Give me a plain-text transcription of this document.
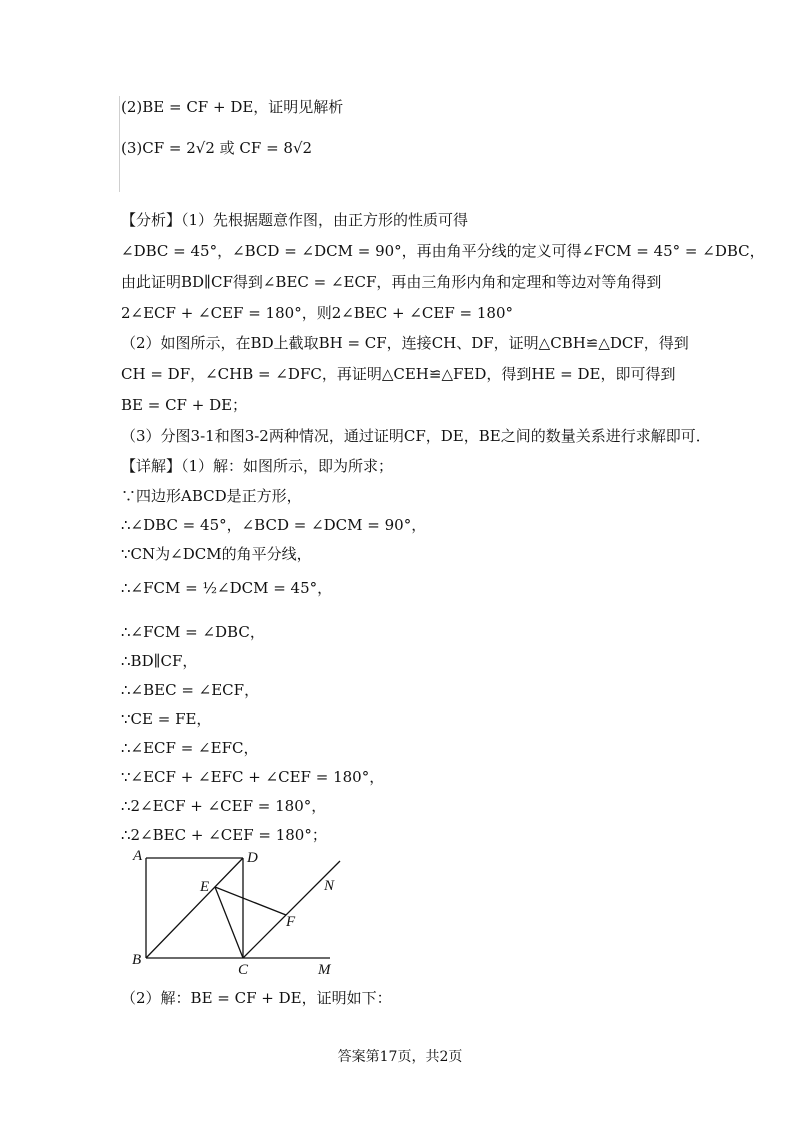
(2)BE = CF + DE，证明见解析
(3)CF = 2√2 或 CF = 8√2
【分析】（1）先根据题意作图，由正方形的性质可得
∠DBC = 45°，∠BCD = ∠DCM = 90°，再由角平分线的定义可得∠FCM = 45° = ∠DBC，
由此证明BD∥CF得到∠BEC = ∠ECF，再由三角形内角和定理和等边对等角得到
2∠ECF + ∠CEF = 180°，则2∠BEC + ∠CEF = 180°
（2）如图所示，在BD上截取BH = CF，连接CH、DF，证明△CBH≌△DCF，得到
CH = DF，∠CHB = ∠DFC，再证明△CEH≌△FED，得到HE = DE，即可得到
BE = CF + DE；
（3）分图3-1和图3-2两种情况，通过证明CF，DE，BE之间的数量关系进行求解即可．
【详解】（1）解：如图所示，即为所求；
∵四边形ABCD是正方形，
∴∠DBC = 45°，∠BCD = ∠DCM = 90°，
∵CN为∠DCM的角平分线，
∴∠FCM = ½∠DCM = 45°，
∴∠FCM = ∠DBC，
∴BD∥CF，
∴∠BEC = ∠ECF，
∵CE = FE，
∴∠ECF = ∠EFC，
∵∠ECF + ∠EFC + ∠CEF = 180°，
∴2∠ECF + ∠CEF = 180°，
∴2∠BEC + ∠CEF = 180°；
（2）解：BE = CF + DE，证明如下：
A	D
E
F
N
B
C	M
答案第17页，共2页
